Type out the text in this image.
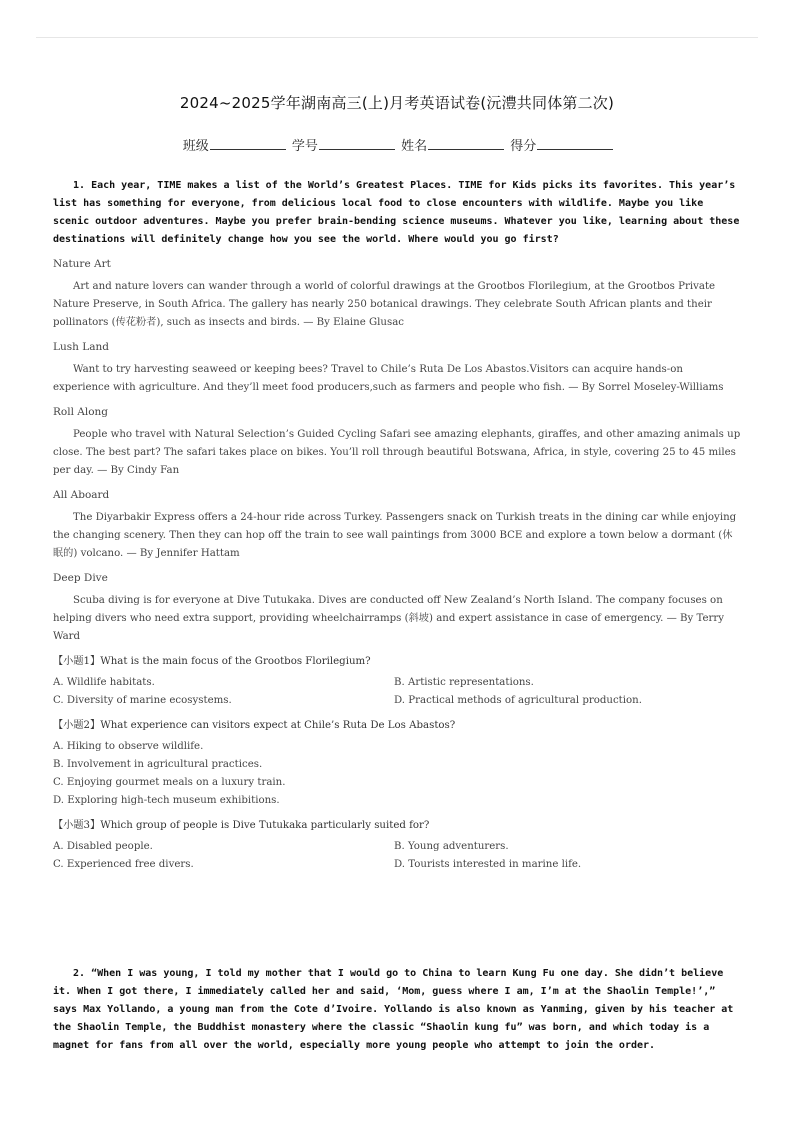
2024~2025学年湖南高三(上)月考英语试卷(沅澧共同体第二次)
班级	学号	姓名	得分

1. Each year, TIME makes a list of the World’s Greatest Places. TIME for Kids picks its favorites. This year’s list has something for everyone, from delicious local food to close encounters with wildlife. Maybe you like scenic outdoor adventures. Maybe you prefer brain-bending science museums. Whatever you like, learning about these destinations will definitely change how you see the world. Where would you go first?

Nature Art

Art and nature lovers can wander through a world of colorful drawings at the Grootbos Florilegium, at the Grootbos Private Nature Preserve, in South Africa. The gallery has nearly 250 botanical drawings. They celebrate South African plants and their pollinators (传花粉者), such as insects and birds. — By Elaine Glusac

Lush Land

Want to try harvesting seaweed or keeping bees? Travel to Chile’s Ruta De Los Abastos.Visitors can acquire hands-on experience with agriculture. And they’ll meet food producers,such as farmers and people who fish. — By Sorrel Moseley-Williams

Roll Along

People who travel with Natural Selection’s Guided Cycling Safari see amazing elephants, giraffes, and other amazing animals up close. The best part? The safari takes place on bikes. You’ll roll through beautiful Botswana, Africa, in style, covering 25 to 45 miles per day. — By Cindy Fan

All Aboard

The Diyarbakir Express offers a 24-hour ride across Turkey. Passengers snack on Turkish treats in the dining car while enjoying the changing scenery. Then they can hop off the train to see wall paintings from 3000 BCE and explore a town below a dormant (休眠的) volcano. — By Jennifer Hattam

Deep Dive

Scuba diving is for everyone at Dive Tutukaka. Dives are conducted off New Zealand’s North Island. The company focuses on helping divers who need extra support, providing wheelchairramps (斜坡) and expert assistance in case of emergency. — By Terry Ward

【小题1】What is the main focus of the Grootbos Florilegium?
A. Wildlife habitats.	B. Artistic representations.
C. Diversity of marine ecosystems.	D. Practical methods of agricultural production.
【小题2】What experience can visitors expect at Chile’s Ruta De Los Abastos?
A. Hiking to observe wildlife.
B. Involvement in agricultural practices.
C. Enjoying gourmet meals on a luxury train.
D. Exploring high-tech museum exhibitions.
【小题3】Which group of people is Dive Tutukaka particularly suited for?
A. Disabled people.	B. Young adventurers.
C. Experienced free divers.	D. Tourists interested in marine life.

2. “When I was young, I told my mother that I would go to China to learn Kung Fu one day. She didn’t believe it. When I got there, I immediately called her and said, ‘Mom, guess where I am, I’m at the Shaolin Temple!’,” says Max Yollando, a young man from the Cote d’Ivoire. Yollando is also known as Yanming, given by his teacher at the Shaolin Temple, the Buddhist monastery where the classic “Shaolin kung fu” was born, and which today is a magnet for fans from all over the world, especially more young people who attempt to join the order.
